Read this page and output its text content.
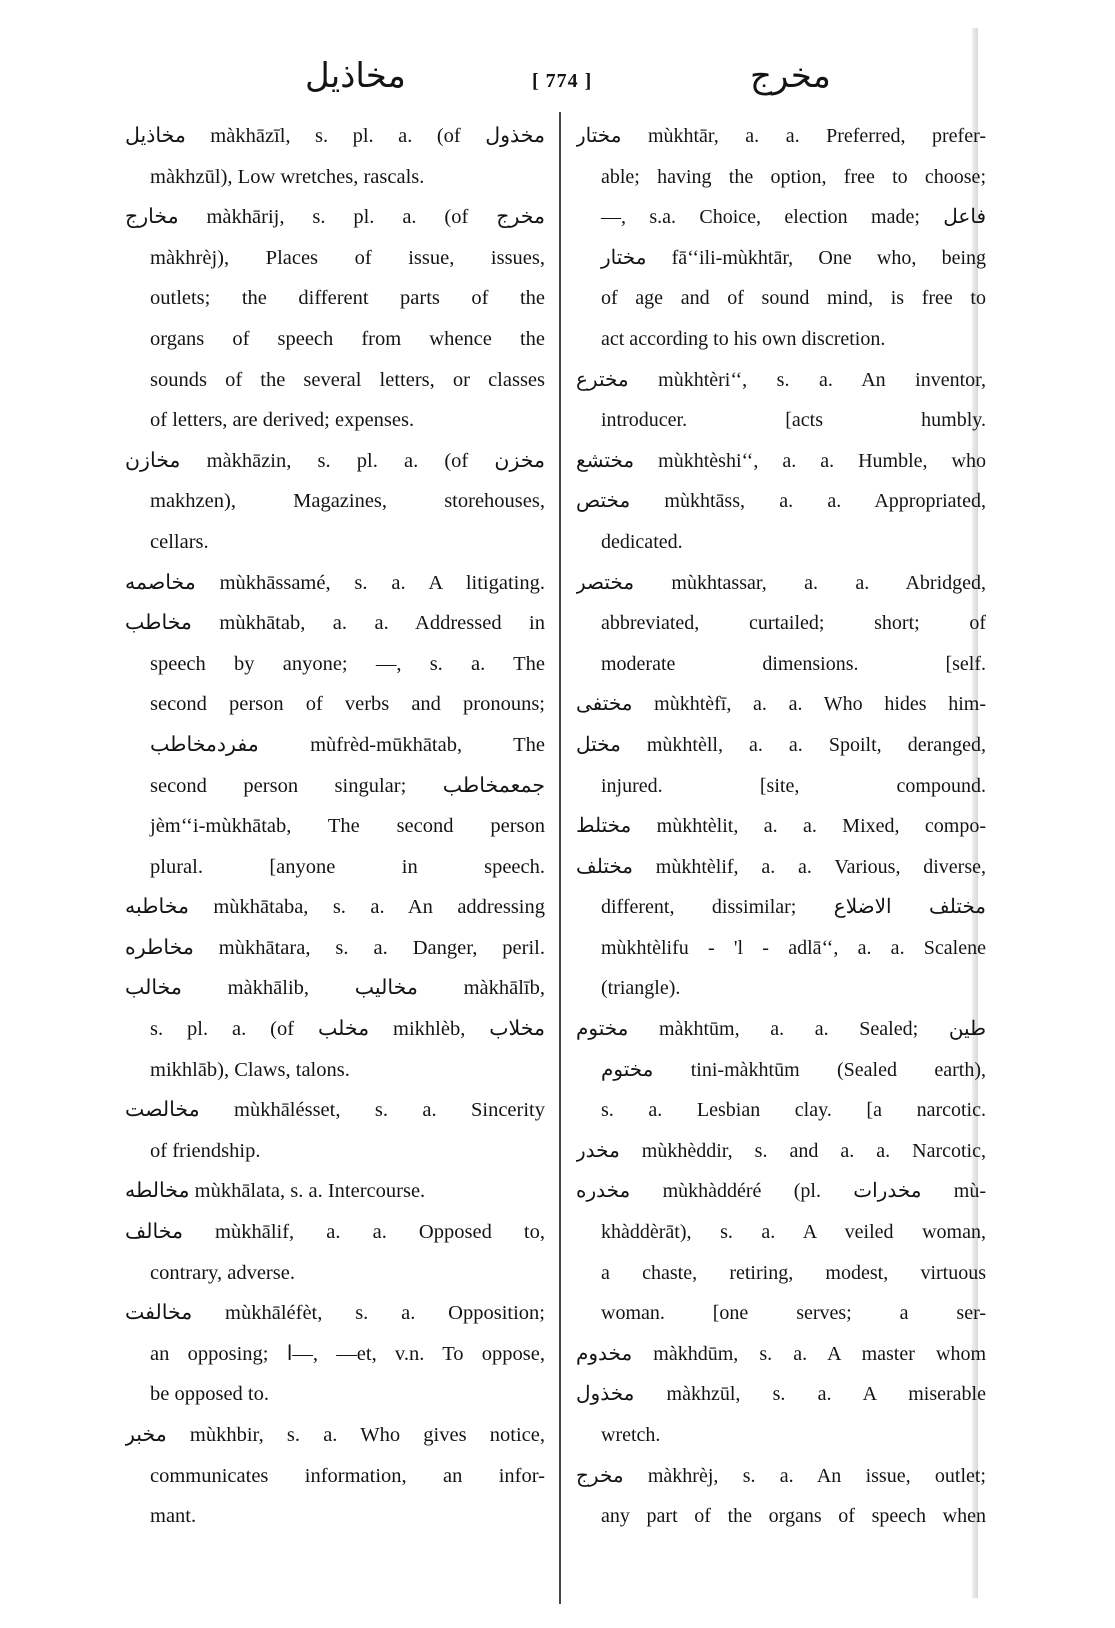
مخاذیل	[ 774 ]	مخرج
مخاذیل màkhāzīl, s. pl. a. (of مخذول
màkhzūl), Low wretches, rascals.
مخارج màkhārij, s. pl. a. (of مخرج
màkhrèj), Places of issue, issues,
outlets; the different parts of the
organs of speech from whence the
sounds of the several letters, or classes
of letters, are derived; expenses.
مخازن màkhāzin, s. pl. a. (of مخزن
makhzen), Magazines, storehouses,
cellars.
مخاصمه mùkhāssamé, s. a. A litigating.
مخاطب mùkhātab, a. a. Addressed in
speech by anyone; —, s. a. The
second person of verbs and pronouns;
مفردمخاطب mùfrèd-mūkhātab, The
second person singular; جمعمخاطب
jèm‘‘i-mùkhātab, The second person
plural. [anyone in speech.
مخاطبه mùkhātaba, s. a. An addressing
مخاطره mùkhātara, s. a. Danger, peril.
مخالب màkhālib, مخالیب màkhālīb,
s. pl. a. (of مخلب mikhlèb, مخلاب
mikhlāb), Claws, talons.
مخالصت mùkhālésset, s. a. Sincerity
of friendship.
مخالطه mùkhālata, s. a. Intercourse.
مخالف mùkhālif, a. a. Opposed to,
contrary, adverse.
مخالفت mùkhāléfèt, s. a. Opposition;
an opposing; ا—, —et, v.n. To oppose,
be opposed to.
مخبر mùkhbir, s. a. Who gives notice,
communicates information, an infor-
mant.
مختار mùkhtār, a. a. Preferred, prefer-
able; having the option, free to choose;
—, s.a. Choice, election made; فاعل
مختار fā‘‘ili-mùkhtār, One who, being
of age and of sound mind, is free to
act according to his own discretion.
مخترع mùkhtèri‘‘, s. a. An inventor,
introducer. [acts humbly.
مختشع mùkhtèshi‘‘, a. a. Humble, who
مختص mùkhtāss, a. a. Appropriated,
dedicated.
مختصر mùkhtassar, a. a. Abridged,
abbreviated, curtailed; short; of
moderate dimensions. [self.
مختفی mùkhtèfī, a. a. Who hides him-
مختل mùkhtèll, a. a. Spoilt, deranged,
injured. [site, compound.
مختلط mùkhtèlit, a. a. Mixed, compo-
مختلف mùkhtèlif, a. a. Various, diverse,
different, dissimilar; مختلف الاضلاع
mùkhtèlifu - 'l - adlā‘‘, a. a. Scalene
(triangle).
مختوم màkhtūm, a. a. Sealed; طین
مختوم tini-màkhtūm (Sealed earth),
s. a. Lesbian clay. [a narcotic.
مخدر mùkhèddir, s. and a. a. Narcotic,
مخدره mùkhàddéré (pl. مخدرات mù-
khàddèrāt), s. a. A veiled woman,
a chaste, retiring, modest, virtuous
woman. [one serves; a ser-
مخدوم màkhdūm, s. a. A master whom
مخذول màkhzūl, s. a. A miserable
wretch.
مخرج màkhrèj, s. a. An issue, outlet;
any part of the organs of speech when
